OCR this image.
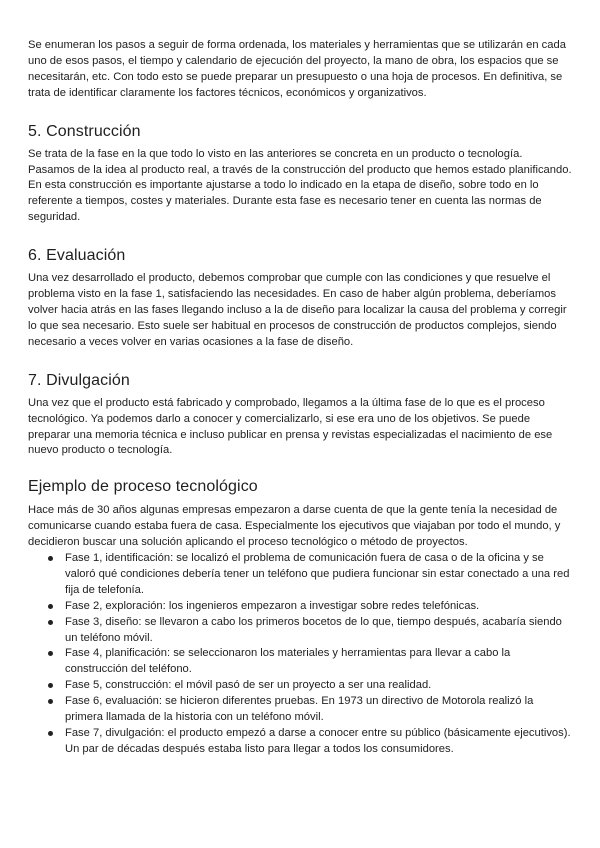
Se enumeran los pasos a seguir de forma ordenada, los materiales y herramientas que se utilizarán en cada uno de esos pasos, el tiempo y calendario de ejecución del proyecto, la mano de obra, los espacios que se necesitarán, etc. Con todo esto se puede preparar un presupuesto o una hoja de procesos. En definitiva, se trata de identificar claramente los factores técnicos, económicos y organizativos.

5. Construcción

Se trata de la fase en la que todo lo visto en las anteriores se concreta en un producto o tecnología. Pasamos de la idea al producto real, a través de la construcción del producto que hemos estado planificando.

En esta construcción es importante ajustarse a todo lo indicado en la etapa de diseño, sobre todo en lo referente a tiempos, costes y materiales. Durante esta fase es necesario tener en cuenta las normas de seguridad.

6. Evaluación

Una vez desarrollado el producto, debemos comprobar que cumple con las condiciones y que resuelve el problema visto en la fase 1, satisfaciendo las necesidades. En caso de haber algún problema, deberíamos volver hacia atrás en las fases llegando incluso a la de diseño para localizar la causa del problema y corregir lo que sea necesario. Esto suele ser habitual en procesos de construcción de productos complejos, siendo necesario a veces volver en varias ocasiones a la fase de diseño.

7. Divulgación

Una vez que el producto está fabricado y comprobado, llegamos a la última fase de lo que es el proceso tecnológico. Ya podemos darlo a conocer y comercializarlo, si ese era uno de los objetivos. Se puede preparar una memoria técnica e incluso publicar en prensa y revistas especializadas el nacimiento de ese nuevo producto o tecnología.

Ejemplo de proceso tecnológico

Hace más de 30 años algunas empresas empezaron a darse cuenta de que la gente tenía la necesidad de comunicarse cuando estaba fuera de casa. Especialmente los ejecutivos que viajaban por todo el mundo, y decidieron buscar una solución aplicando el proceso tecnológico o método de proyectos.

Fase 1, identificación: se localizó el problema de comunicación fuera de casa o de la oficina y se valoró qué condiciones debería tener un teléfono que pudiera funcionar sin estar conectado a una red fija de telefonía.
Fase 2, exploración: los ingenieros empezaron a investigar sobre redes telefónicas.
Fase 3, diseño: se llevaron a cabo los primeros bocetos de lo que, tiempo después, acabaría siendo un teléfono móvil.
Fase 4, planificación: se seleccionaron los materiales y herramientas para llevar a cabo la construcción del teléfono.
Fase 5, construcción: el móvil pasó de ser un proyecto a ser una realidad.
Fase 6, evaluación: se hicieron diferentes pruebas. En 1973 un directivo de Motorola realizó la primera llamada de la historia con un teléfono móvil.
Fase 7, divulgación: el producto empezó a darse a conocer entre su público (básicamente ejecutivos). Un par de décadas después estaba listo para llegar a todos los consumidores.
